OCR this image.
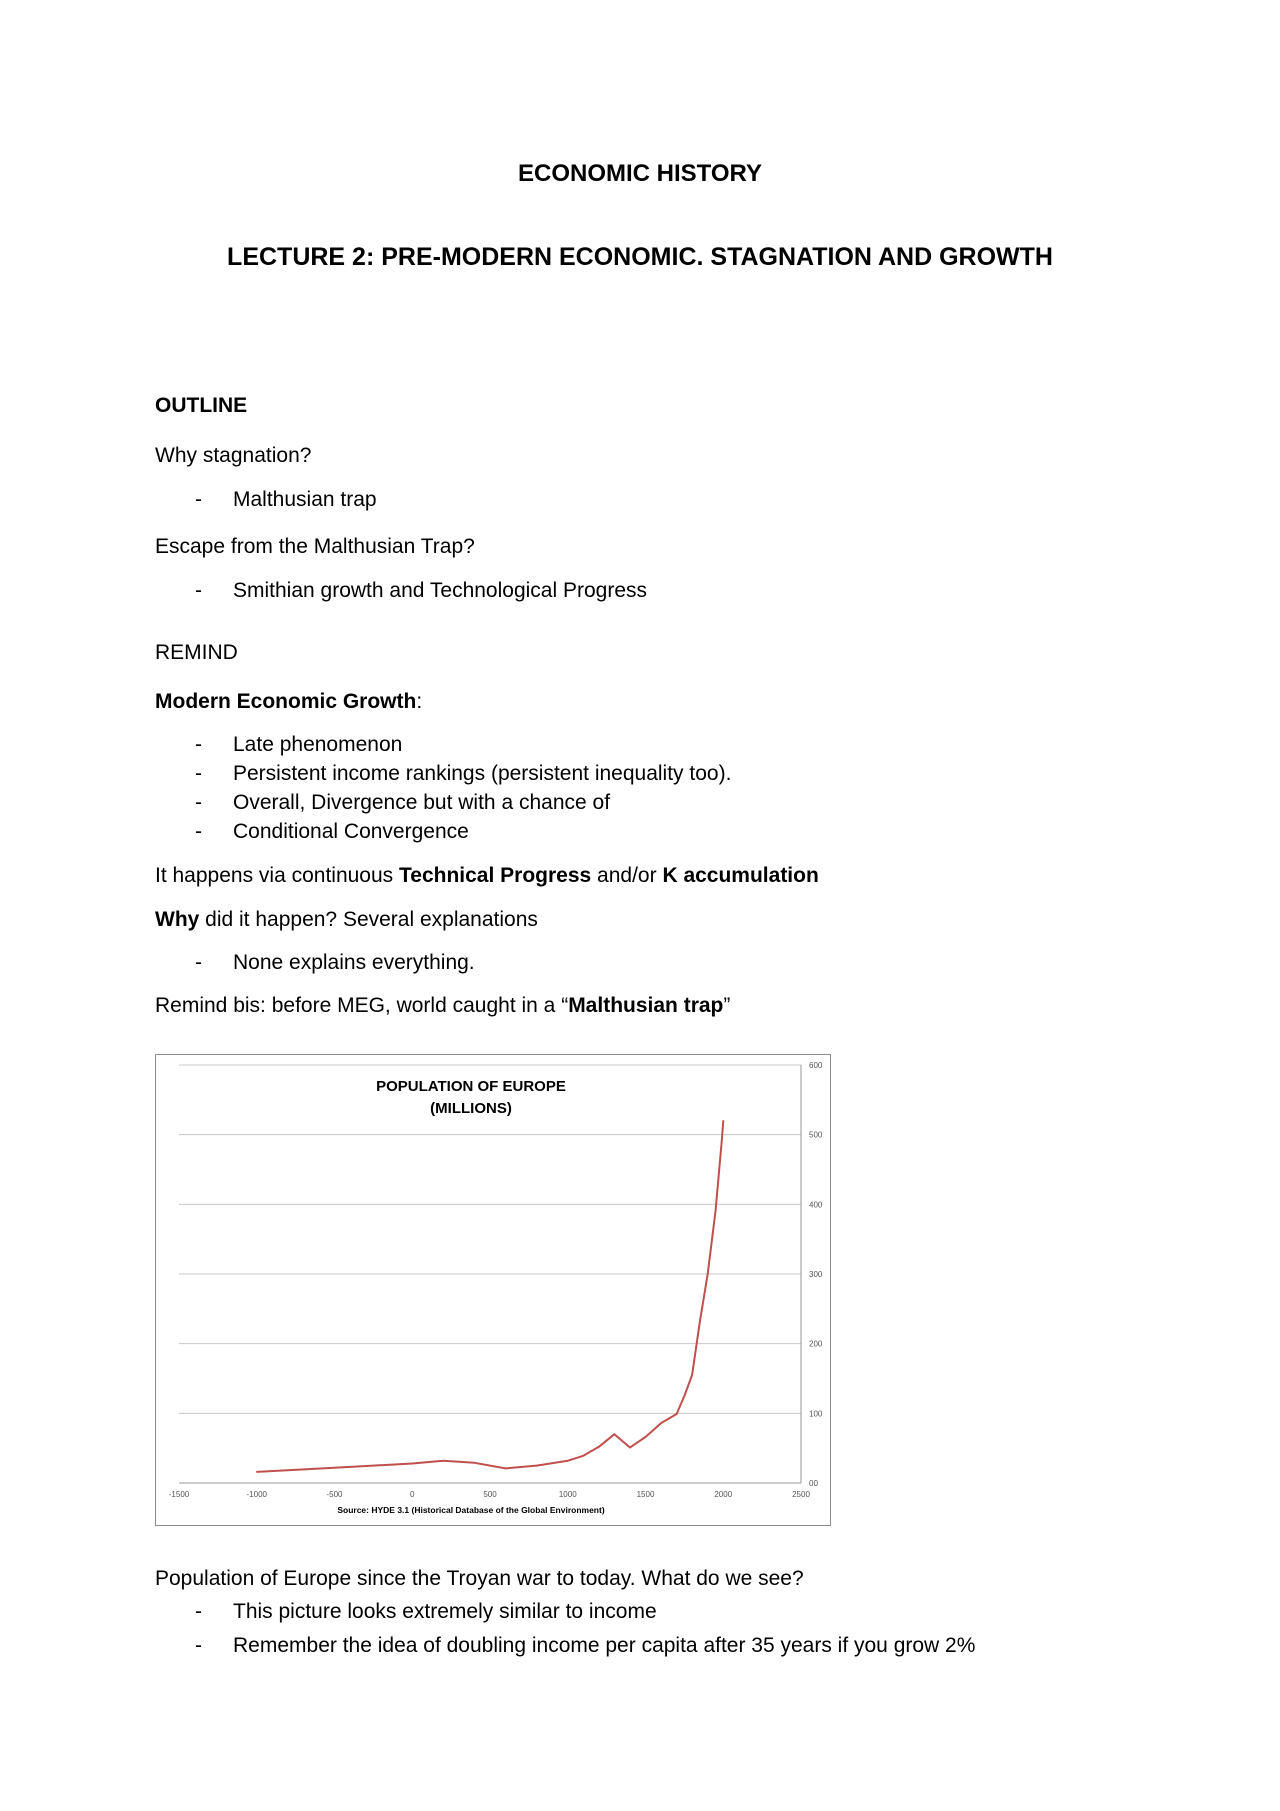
ECONOMIC HISTORY
LECTURE 2: PRE-MODERN ECONOMIC. STAGNATION AND GROWTH
OUTLINE
Why stagnation?
- Malthusian trap
Escape from the Malthusian Trap?
- Smithian growth and Technological Progress
REMIND
Modern Economic Growth:
- Late phenomenon
- Persistent income rankings (persistent inequality too).
- Overall, Divergence but with a chance of
- Conditional Convergence
It happens via continuous Technical Progress and/or K accumulation
Why did it happen? Several explanations
- None explains everything.
Remind bis: before MEG, world caught in a “Malthusian trap”
00
100
200
300
400
500
600
-1500	-1000	-500	0	500	1000	1500	2000	2500
POPULATION OF EUROPE
(MILLIONS)
Source: HYDE 3.1 (Historical Database of the Global Environment)
Population of Europe since the Troyan war to today. What do we see?
- This picture looks extremely similar to income
- Remember the idea of doubling income per capita after 35 years if you grow 2%
